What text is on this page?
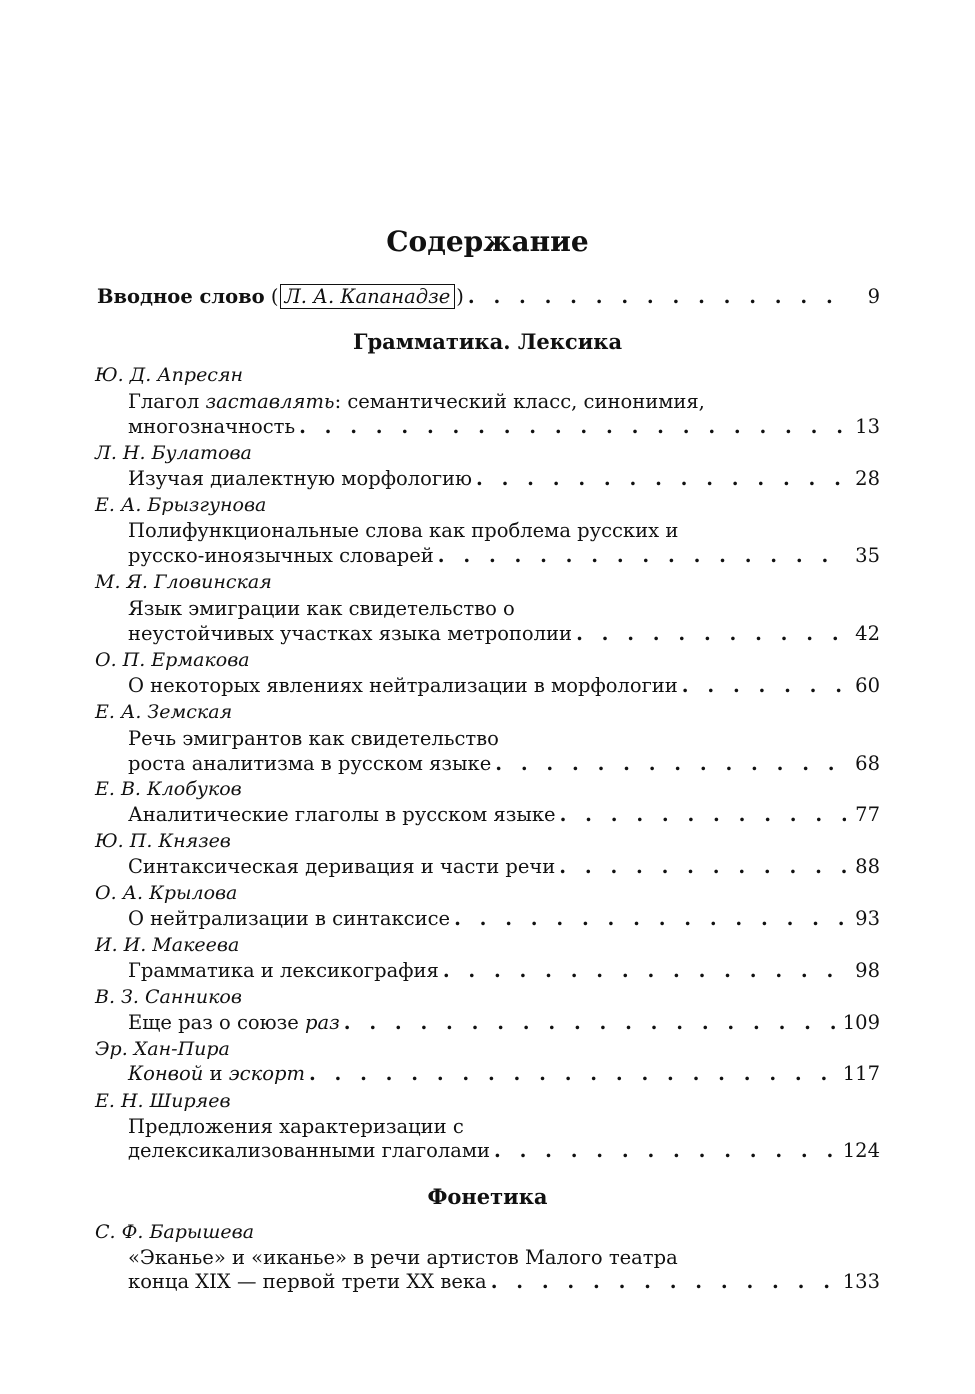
Содержание
Вводное слово ( Л. А. Капанадзе ) . . .	9
Грамматика. Лексика
Ю. Д. Апресян
Глагол заставлять: семантический класс, синонимия,
многозначность . . .	13
Л. Н. Булатова
Изучая диалектную морфологию . . .	28
Е. А. Брызгунова
Полифункциональные слова как проблема русских и
русско-иноязычных словарей . . .	35
М. Я. Гловинская
Язык эмиграции как свидетельство о
неустойчивых участках языка метрополии . . .	42
О. П. Ермакова
О некоторых явлениях нейтрализации в морфологии . . .	60
Е. А. Земская
Речь эмигрантов как свидетельство
роста аналитизма в русском языке . . .	68
Е. В. Клобуков
Аналитические глаголы в русском языке . . .	77
Ю. П. Князев
Синтаксическая деривация и части речи . . .	88
О. А. Крылова
О нейтрализации в синтаксисе . . .	93
И. И. Макеева
Грамматика и лексикография . . .	98
В. З. Санников
Еще раз о союзе раз . . .	109
Эр. Хан-Пира
Конвой и эскорт . . .	117
Е. Н. Ширяев
Предложения характеризации с
делексикализованными глаголами . . .	124
Фонетика
С. Ф. Барышева
«Эканье» и «иканье» в речи артистов Малого театра
конца XIX — первой трети XX века . . .	133
